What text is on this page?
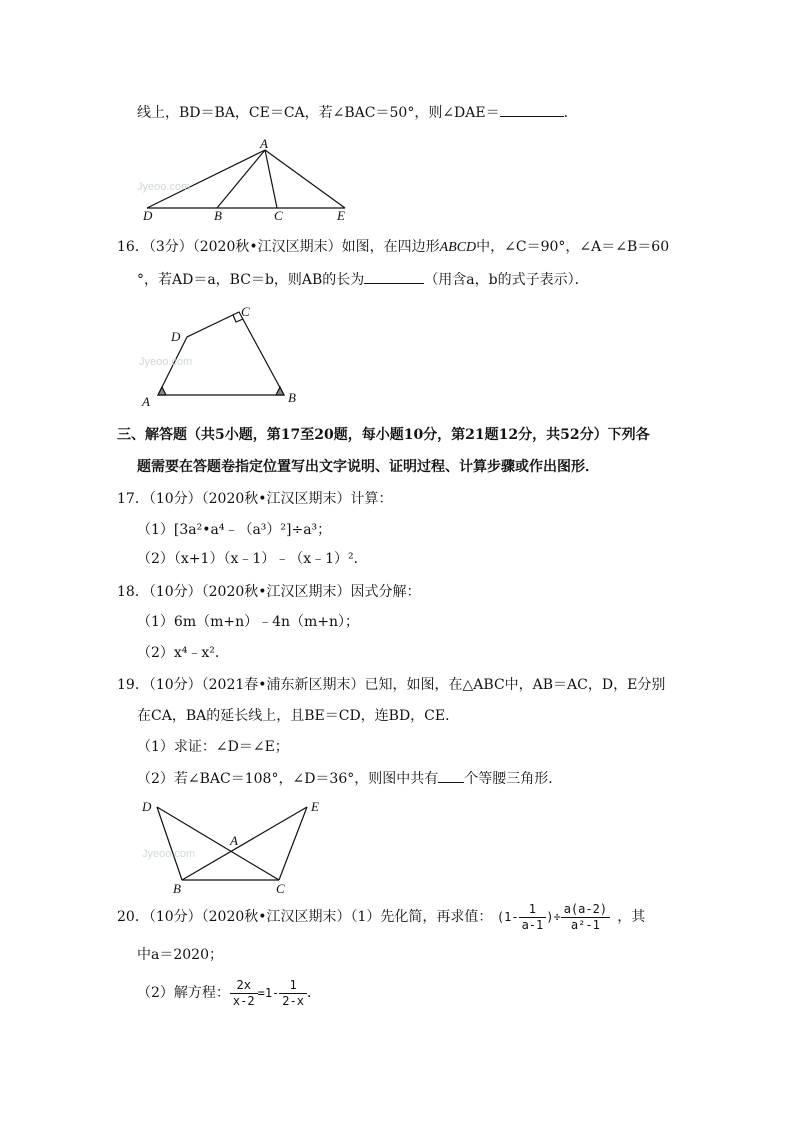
线上，BD＝BA，CE＝CA，若∠BAC＝50°，则∠DAE＝	．
Jyeoo.com
A
D	B	C	E
16．（3分）（2020秋•江汉区期末）如图，在四边形ABCD中，∠C＝90°，∠A＝∠B＝60
°，若AD＝a，BC＝b，则AB的长为	（用含a，b的式子表示）．
Jyeoo.com
C
D
A	B
三、解答题（共5小题，第17至20题，每小题10分，第21题12分，共52分）下列各
题需要在答题卷指定位置写出文字说明、证明过程、计算步骤或作出图形．
17．（10分）（2020秋•江汉区期末）计算：
（1）[3a²•a⁴﹣（a³）²]÷a³；
（2）（x+1）（x﹣1）﹣（x﹣1）²．
18．（10分）（2020秋•江汉区期末）因式分解：
（1）6m（m+n）﹣4n（m+n）；
（2）x⁴﹣x²．
19．（10分）（2021春•浦东新区期末）已知，如图，在△ABC中，AB＝AC，D，E分别
在CA，BA的延长线上，且BE＝CD，连BD，CE．
（1）求证：∠D＝∠E；
（2）若∠BAC＝108°，∠D＝36°，则图中共有 个等腰三角形．
Jyeoo.com
D	E
A
B	C
20．（10分）（2020秋•江汉区期末）（1）先化简，再求值： ($1- \frac{1}{a-1}$ )÷ $\frac{a(a-2)}{\text{a²-1}}$ ，其
中a＝2020；
（2）解方程： $\frac{2x}{x-2} =1- \frac{1}{2-x}$ ．
